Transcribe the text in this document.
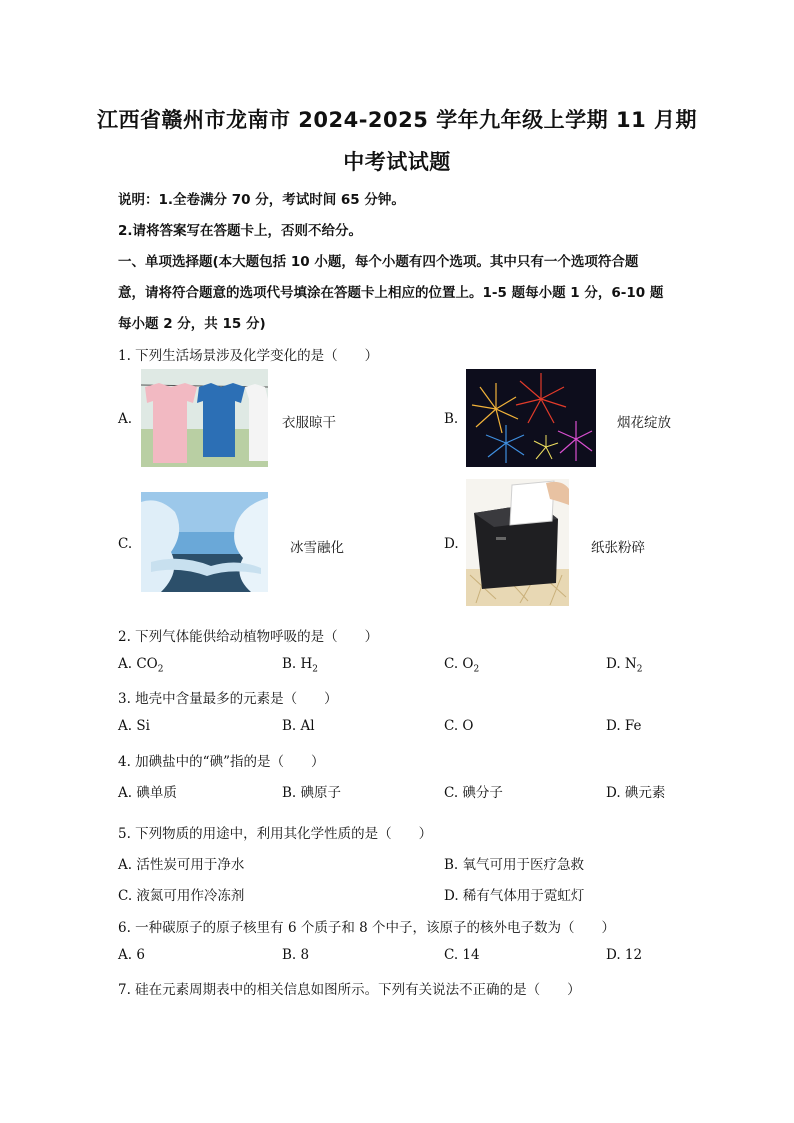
江西省赣州市龙南市 2024-2025 学年九年级上学期 11 月期
中考试试题
说明：1.全卷满分 70 分，考试时间 65 分钟。
2.请将答案写在答题卡上，否则不给分。
一、单项选择题(本大题包括 10 小题，每个小题有四个选项。其中只有一个选项符合题
意，请将符合题意的选项代号填涂在答题卡上相应的位置上。1-5 题每小题 1 分，6-10 题
每小题 2 分，共 15 分)
1. 下列生活场景涉及化学变化的是（　　）
A.	衣服晾干	B.	烟花绽放
C.	冰雪融化	D.	纸张粉碎
2. 下列气体能供给动植物呼吸的是（　　）
A. $CO_2$	B. $H_2$	C. $O_2$	D. $N_2$
3. 地壳中含量最多的元素是（　　）
A. Si	B. Al	C. O	D. Fe
4. 加碘盐中的“碘”指的是（　　）
A. 碘单质	B. 碘原子	C. 碘分子	D. 碘元素
5. 下列物质的用途中，利用其化学性质的是（　　）
A. 活性炭可用于净水	B. 氧气可用于医疗急救
C. 液氮可用作冷冻剂	D. 稀有气体用于霓虹灯
6. 一种碳原子的原子核里有 6 个质子和 8 个中子，该原子的核外电子数为（　　）
A. 6	B. 8	C. 14	D. 12
7. 硅在元素周期表中的相关信息如图所示。下列有关说法不正确的是（　　）
